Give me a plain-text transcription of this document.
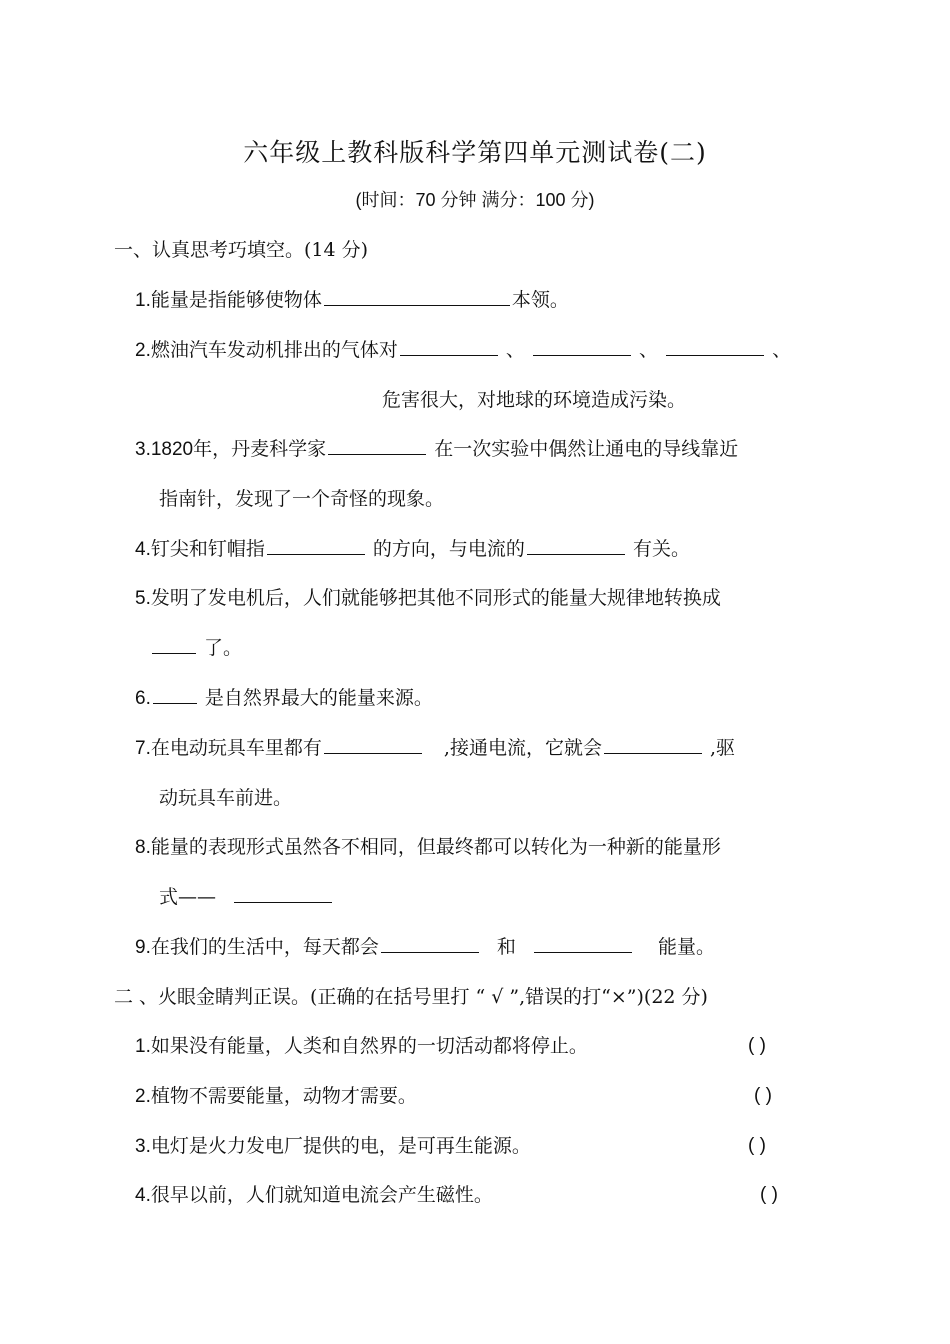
六年级上教科版科学第四单元测试卷(二)
(时间：70 分钟 满分：100 分)
一、认真思考巧填空。(14 分)
1.能量是指能够使物体	本领。
2.燃油汽车发动机排出的气体对	、	、	、
危害很大，对地球的环境造成污染。
3.1820年，丹麦科学家	在一次实验中偶然让通电的导线靠近
指南针，发现了一个奇怪的现象。
4.钉尖和钉帽指	的方向，与电流的	有关。
5.发明了发电机后，人们就能够把其他不同形式的能量大规律地转换成
了。
6.	是自然界最大的能量来源。
7.在电动玩具车里都有	,接通电流，它就会	,驱
动玩具车前进。
8.能量的表现形式虽然各不相同，但最终都可以转化为一种新的能量形
式——
9.在我们的生活中，每天都会	和	能量。
二 、火眼金睛判正误。(正确的在括号里打 “ √ ”,错误的打“×”)(22 分)
1.如果没有能量，人类和自然界的一切活动都将停止。	( )
2.植物不需要能量，动物才需要。	( )
3.电灯是火力发电厂提供的电，是可再生能源。	( )
4.很早以前，人们就知道电流会产生磁性。	( )
